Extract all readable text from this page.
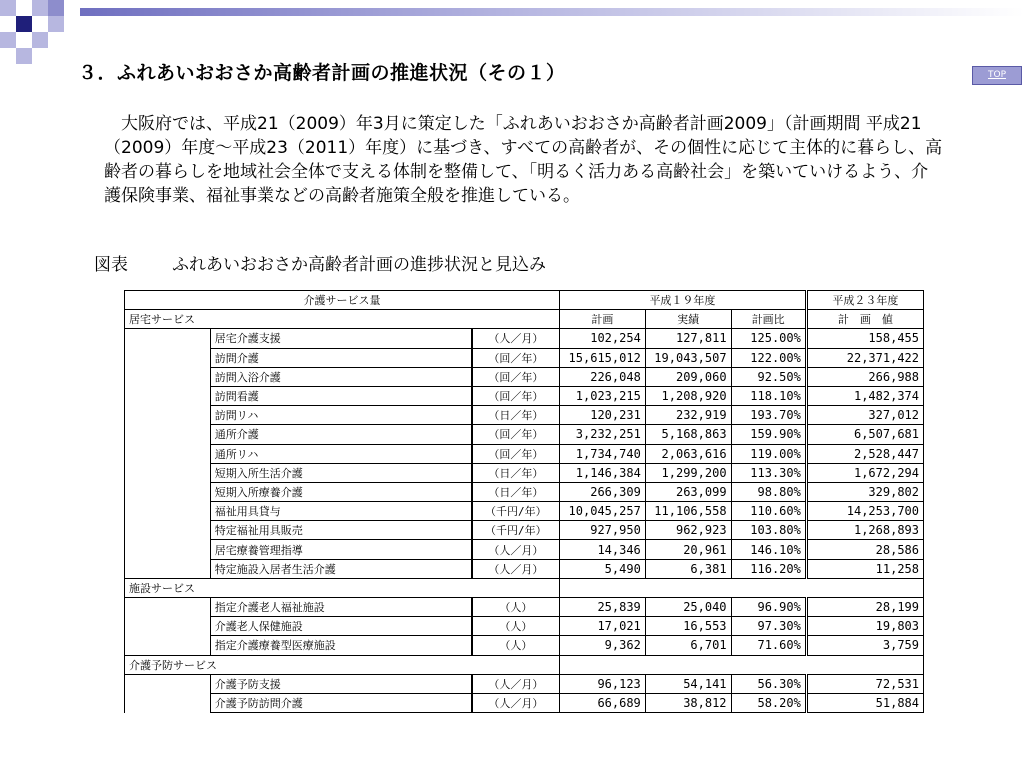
３．ふれあいおおさか高齢者計画の推進状況（その１）	TOP
　大阪府では、平成21（2009）年3月に策定した「ふれあいおおさか高齢者計画2009」（計画期間 平成21（2009）年度～平成23（2011）年度）に基づき、すべての高齢者が、その個性に応じて主体的に暮らし、高齢者の暮らしを地域社会全体で支える体制を整備して、「明るく活力ある高齢社会」を築いていけるよう、介護保険事業、福祉事業などの高齢者施策全般を推進している。
図表	ふれあいおおさか高齢者計画の進捗状況と見込み
介護サービス量			平成１９年度			平成２３年度
居宅サービス			計画	実績	計画比	計　画　値
	居宅介護支援	（人／月）	102,254	127,811	125.00%	158,455
	訪問介護	（回／年）	15,615,012	19,043,507	122.00%	22,371,422
	訪問入浴介護	（回／年）	226,048	209,060	92.50%	266,988
	訪問看護	（回／年）	1,023,215	1,208,920	118.10%	1,482,374
	訪問リハ	（日／年）	120,231	232,919	193.70%	327,012
	通所介護	（回／年）	3,232,251	5,168,863	159.90%	6,507,681
	通所リハ	（回／年）	1,734,740	2,063,616	119.00%	2,528,447
	短期入所生活介護	（日／年）	1,146,384	1,299,200	113.30%	1,672,294
	短期入所療養介護	（日／年）	266,309	263,099	98.80%	329,802
	福祉用具貸与	（千円/年）	10,045,257	11,106,558	110.60%	14,253,700
	特定福祉用具販売	（千円/年）	927,950	962,923	103.80%	1,268,893
	居宅療養管理指導	（人／月）	14,346	20,961	146.10%	28,586
	特定施設入居者生活介護	（人／月）	5,490	6,381	116.20%	11,258
施設サービス						
	指定介護老人福祉施設	（人）	25,839	25,040	96.90%	28,199
	介護老人保健施設	（人）	17,021	16,553	97.30%	19,803
	指定介護療養型医療施設	（人）	9,362	6,701	71.60%	3,759
介護予防サービス						
	介護予防支援	（人／月）	96,123	54,141	56.30%	72,531
	介護予防訪問介護	（人／月）	66,689	38,812	58.20%	51,884
